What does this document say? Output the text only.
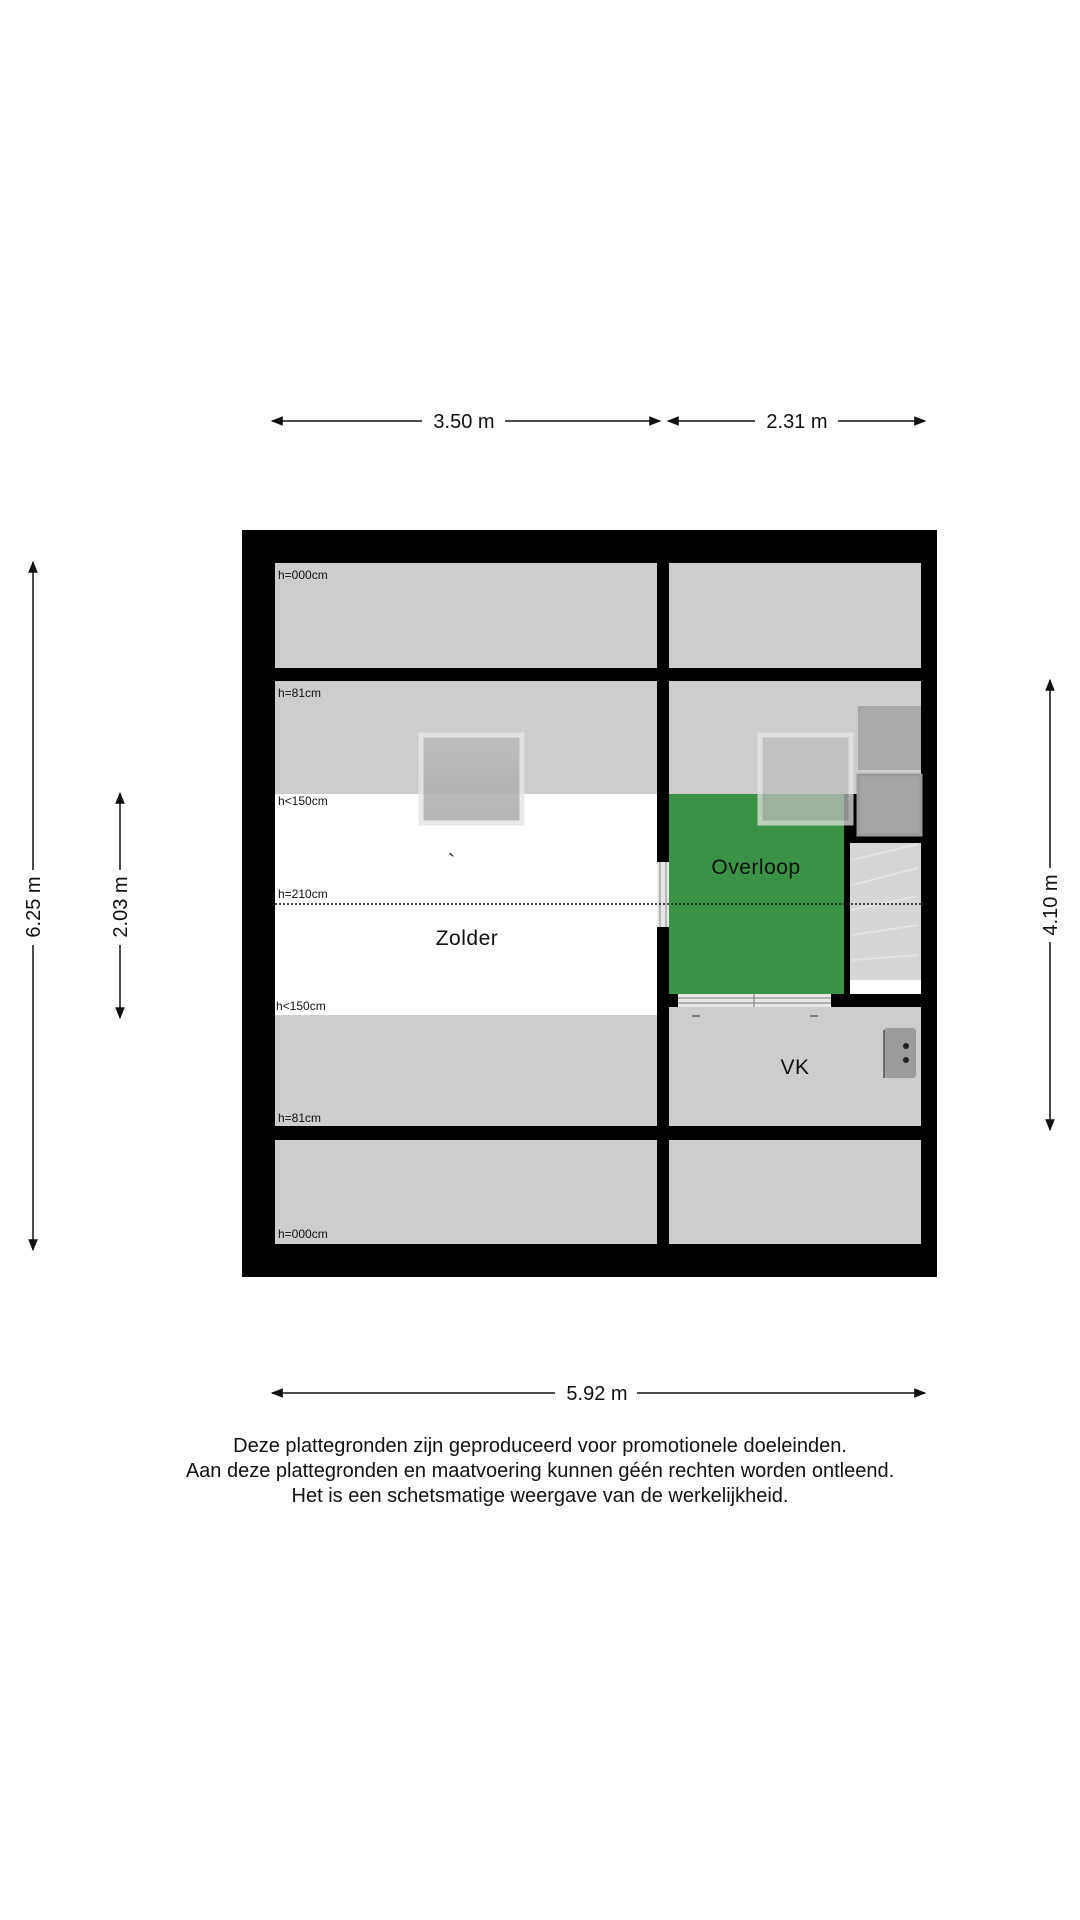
3.50 m	2.31 m
5.92 m
6.25 m	2.03 m	4.10 m
h=000cm
h=81cm
h<150cm
h=210cm
h<150cm
h=81cm
h=000cm
`
Zolder
Overloop
VK
Deze plattegronden zijn geproduceerd voor promotionele doeleinden.
Aan deze plattegronden en maatvoering kunnen géén rechten worden ontleend.
Het is een schetsmatige weergave van de werkelijkheid.
